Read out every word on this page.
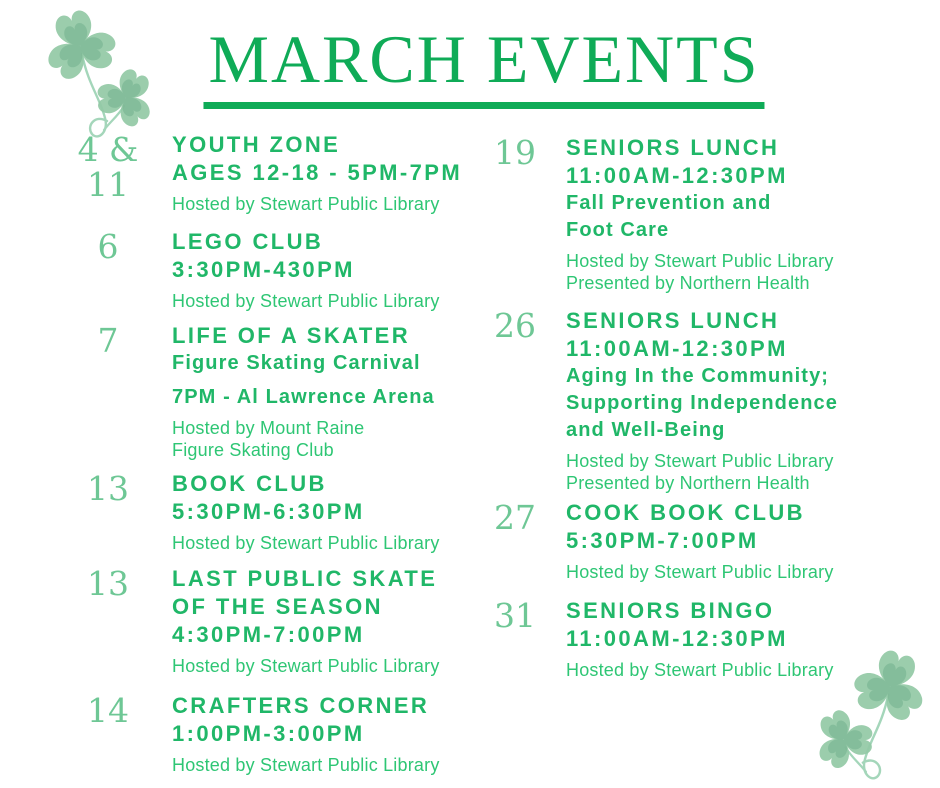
MARCH EVENTS
4 & 11
YOUTH ZONE
AGES 12-18 - 5PM-7PM
Hosted by Stewart Public Library
6	LEGO CLUB
3:30PM-430PM
Hosted by Stewart Public Library
7	LIFE OF A SKATER
Figure Skating Carnival
7PM - Al Lawrence Arena
Hosted by Mount Raine
Figure Skating Club
13	BOOK CLUB
5:30PM-6:30PM
Hosted by Stewart Public Library
13	LAST PUBLIC SKATE
OF THE SEASON
4:30PM-7:00PM
Hosted by Stewart Public Library
14	CRAFTERS CORNER
1:00PM-3:00PM
Hosted by Stewart Public Library
19	SENIORS LUNCH
11:00AM-12:30PM
Fall Prevention and
Foot Care
Hosted by Stewart Public Library
Presented by Northern Health
26	SENIORS LUNCH
11:00AM-12:30PM
Aging In the Community;
Supporting Independence
and Well-Being
Hosted by Stewart Public Library
Presented by Northern Health
27	COOK BOOK CLUB
5:30PM-7:00PM
Hosted by Stewart Public Library
31	SENIORS BINGO
11:00AM-12:30PM
Hosted by Stewart Public Library
